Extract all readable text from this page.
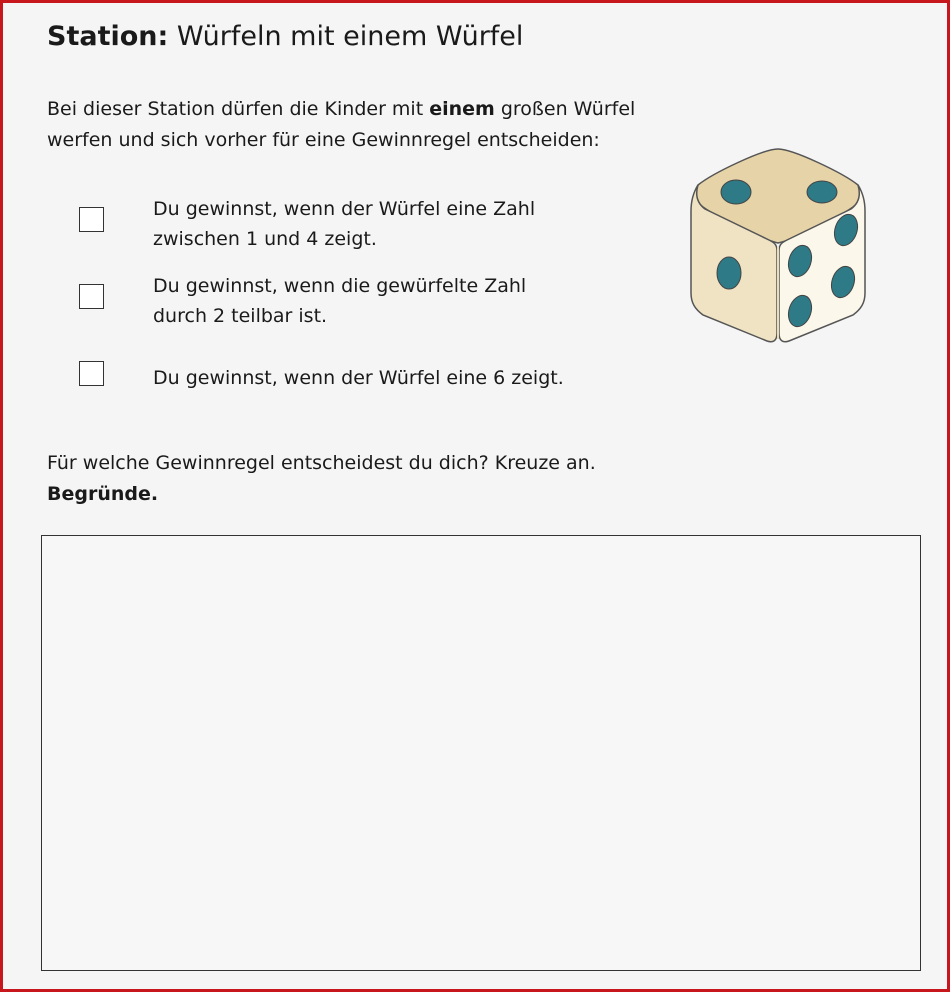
Station: Würfeln mit einem Würfel
Bei dieser Station dürfen die Kinder mit einem großen Würfel
werfen und sich vorher für eine Gewinnregel entscheiden:
Du gewinnst, wenn der Würfel eine Zahl
zwischen 1 und 4 zeigt.
Du gewinnst, wenn die gewürfelte Zahl
durch 2 teilbar ist.
Du gewinnst, wenn der Würfel eine 6 zeigt.
Für welche Gewinnregel entscheidest du dich? Kreuze an.
Begründe.
